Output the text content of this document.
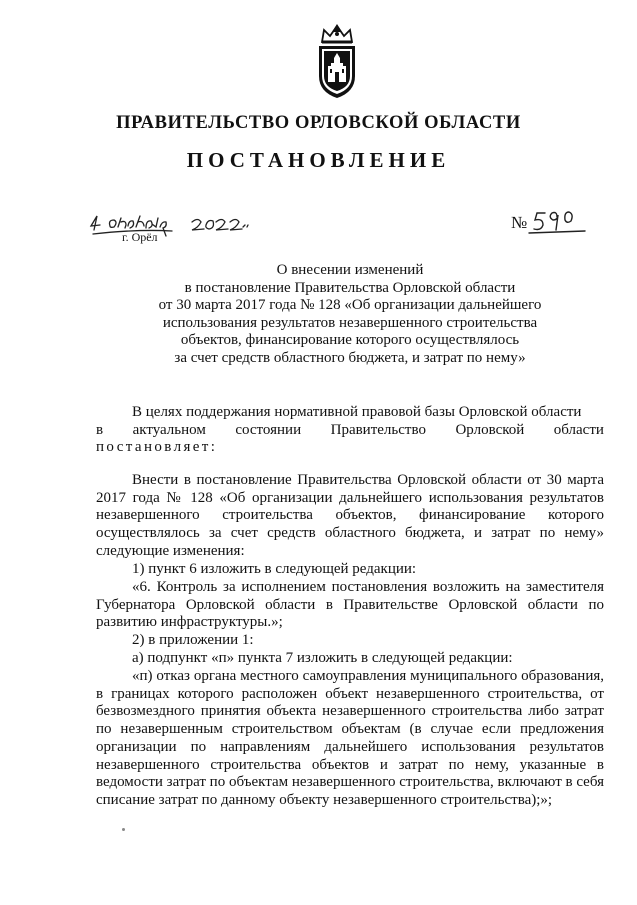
ПРАВИТЕЛЬСТВО ОРЛОВСКОЙ ОБЛАСТИ
ПОСТАНОВЛЕНИЕ
г. Орёл
№
О внесении изменений
в постановление Правительства Орловской области
от 30 марта 2017 года № 128 «Об организации дальнейшего
использования результатов незавершенного строительства
объектов, финансирование которого осуществлялось
за счет средств областного бюджета, и затрат по нему»
В целях поддержания нормативной правовой базы Орловской области
в актуальном состоянии Правительство Орловской области
постановляет:
Внести в постановление Правительства Орловской области от 30 марта 2017 года № 128 «Об организации дальнейшего использования результатов незавершенного строительства объектов, финансирование которого осуществлялось за счет средств областного бюджета, и затрат по нему» следующие изменения:
1) пункт 6 изложить в следующей редакции:
«6. Контроль за исполнением постановления возложить на заместителя Губернатора Орловской области в Правительстве Орловской области по развитию инфраструктуры.»;
2) в приложении 1:
а) подпункт «п» пункта 7 изложить в следующей редакции:
«п) отказ органа местного самоуправления муниципального образования, в границах которого расположен объект незавершенного строительства, от безвозмездного принятия объекта незавершенного строительства либо затрат по незавершенным строительством объектам (в случае если предложения организации по направлениям дальнейшего использования результатов незавершенного строительства объектов и затрат по нему, указанные в ведомости затрат по объектам незавершенного строительства, включают в себя списание затрат по данному объекту незавершенного строительства);»;
